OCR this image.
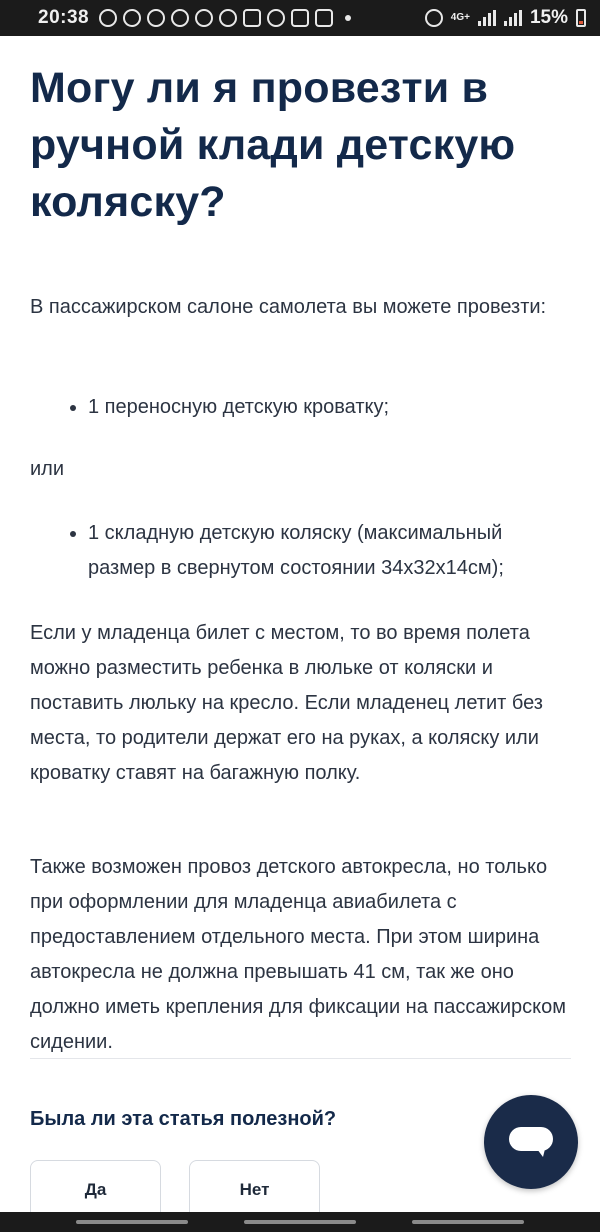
20:38	4G+	15%
Могу ли я провезти в ручной клади детскую коляску?

В пассажирском салоне самолета вы можете провезти:

1 переносную детскую кроватку;

или

1 складную детскую коляску (максимальный размер в свернутом состоянии 34х32х14см);

Если у младенца билет с местом, то во время полета можно разместить ребенка в люльке от коляски и поставить люльку на кресло. Если младенец летит без места, то родители держат его на руках, а коляску или кроватку ставят на багажную полку.

Также возможен провоз детского автокресла, но только при оформлении для младенца авиабилета с предоставлением отдельного места. При этом ширина автокресла не должна превышать 41 см, так же оно должно иметь крепления для фиксации на пассажирском сидении.

Была ли эта статья полезной?
Да	Нет
